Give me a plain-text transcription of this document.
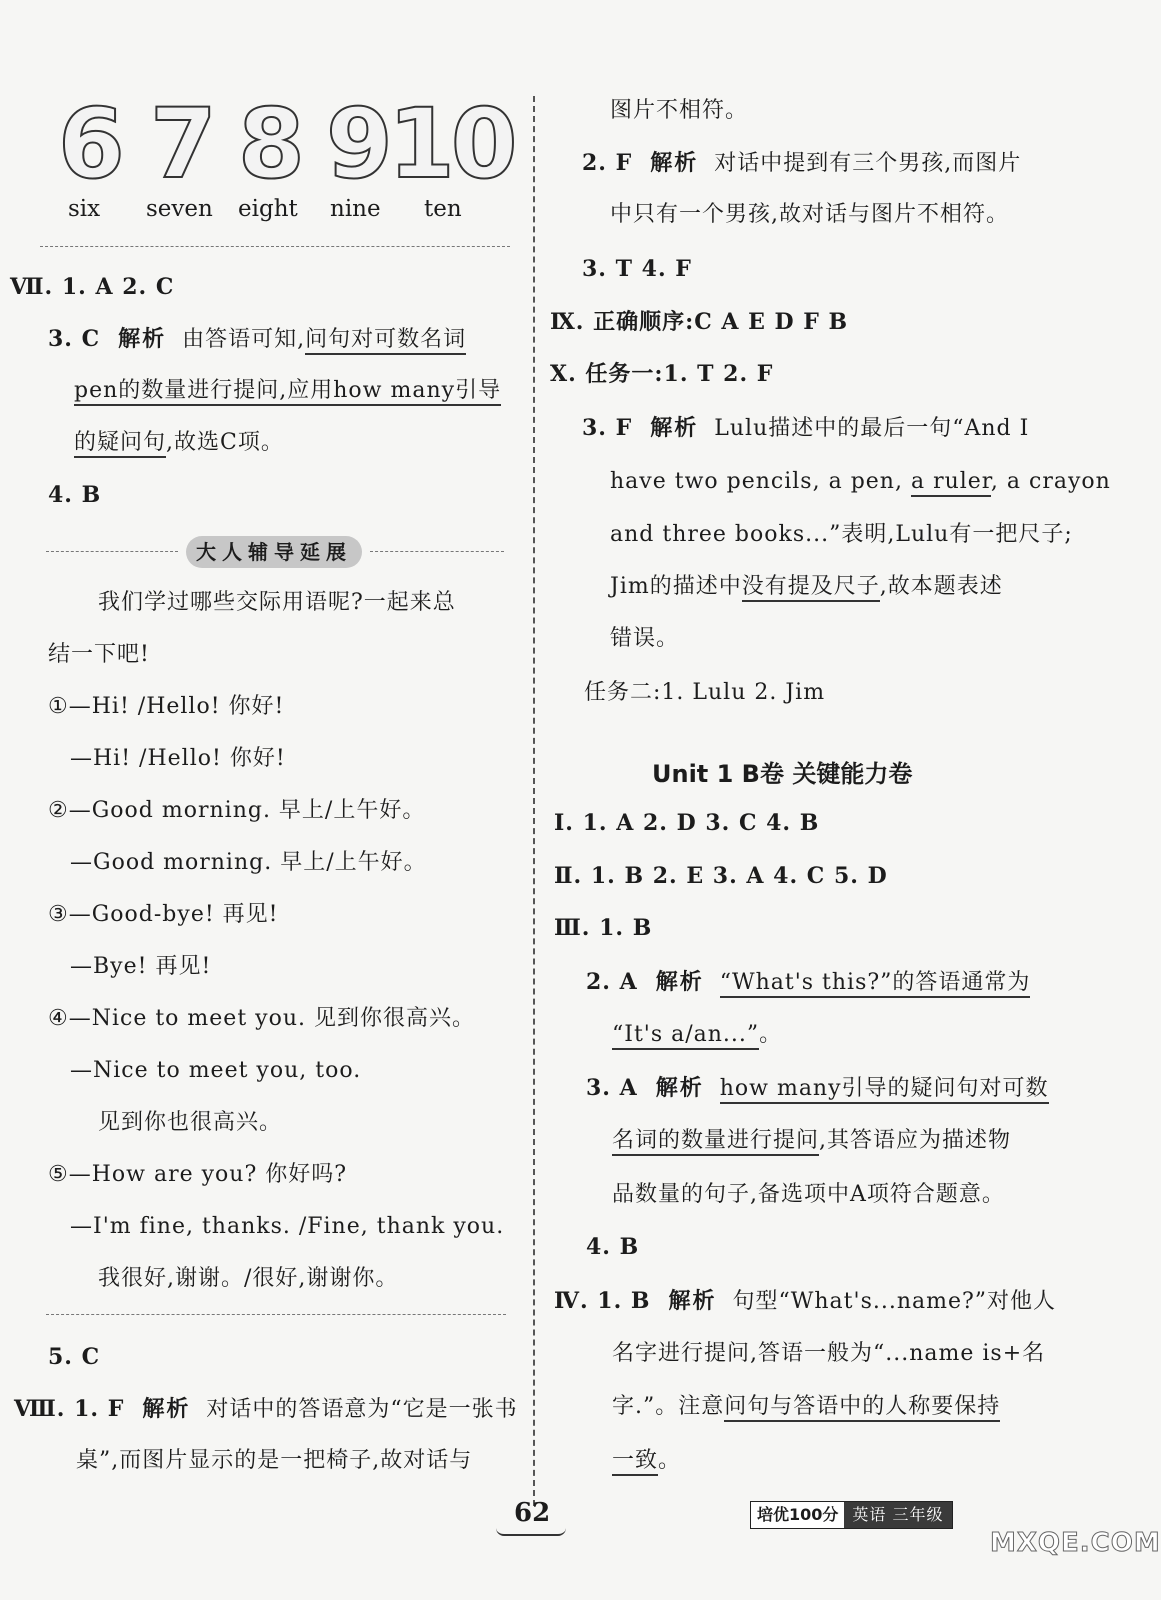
6 7 8 9 10
six seven eight nine ten
Ⅶ. 1. A 2. C
3. C 解析 由答语可知,问句对可数名词
pen的数量进行提问,应用how many引导
的疑问句,故选C项。
4. B
大人辅导延展
我们学过哪些交际用语呢?一起来总
结一下吧!
①—Hi! /Hello! 你好!
—Hi! /Hello! 你好!
②—Good morning. 早上/上午好。
—Good morning. 早上/上午好。
③—Good-bye! 再见!
—Bye! 再见!
④—Nice to meet you. 见到你很高兴。
—Nice to meet you, too.
见到你也很高兴。
⑤—How are you? 你好吗?
—I'm fine, thanks. /Fine, thank you.
我很好,谢谢。/很好,谢谢你。
5. C
Ⅷ. 1. F 解析 对话中的答语意为“它是一张书
桌”,而图片显示的是一把椅子,故对话与
图片不相符。
2. F 解析 对话中提到有三个男孩,而图片
中只有一个男孩,故对话与图片不相符。
3. T 4. F
Ⅸ. 正确顺序:C A E D F B
Ⅹ. 任务一:1. T 2. F
3. F 解析 Lulu描述中的最后一句“And I
have two pencils, a pen, a ruler, a crayon
and three books...”表明,Lulu有一把尺子;
Jim的描述中没有提及尺子,故本题表述
错误。
任务二:1. Lulu 2. Jim
Unit 1 B卷 关键能力卷
Ⅰ. 1. A 2. D 3. C 4. B
Ⅱ. 1. B 2. E 3. A 4. C 5. D
Ⅲ. 1. B
2. A 解析 “What's this?”的答语通常为
“It's a/an...”。
3. A 解析 how many引导的疑问句对可数
名词的数量进行提问,其答语应为描述物
品数量的句子,备选项中A项符合题意。
4. B
Ⅳ. 1. B 解析 句型“What's...name?”对他人
名字进行提问,答语一般为“...name is+名
字.”。注意问句与答语中的人称要保持
一致。
62	培优100分 英语 三年级
MXQE.COM
